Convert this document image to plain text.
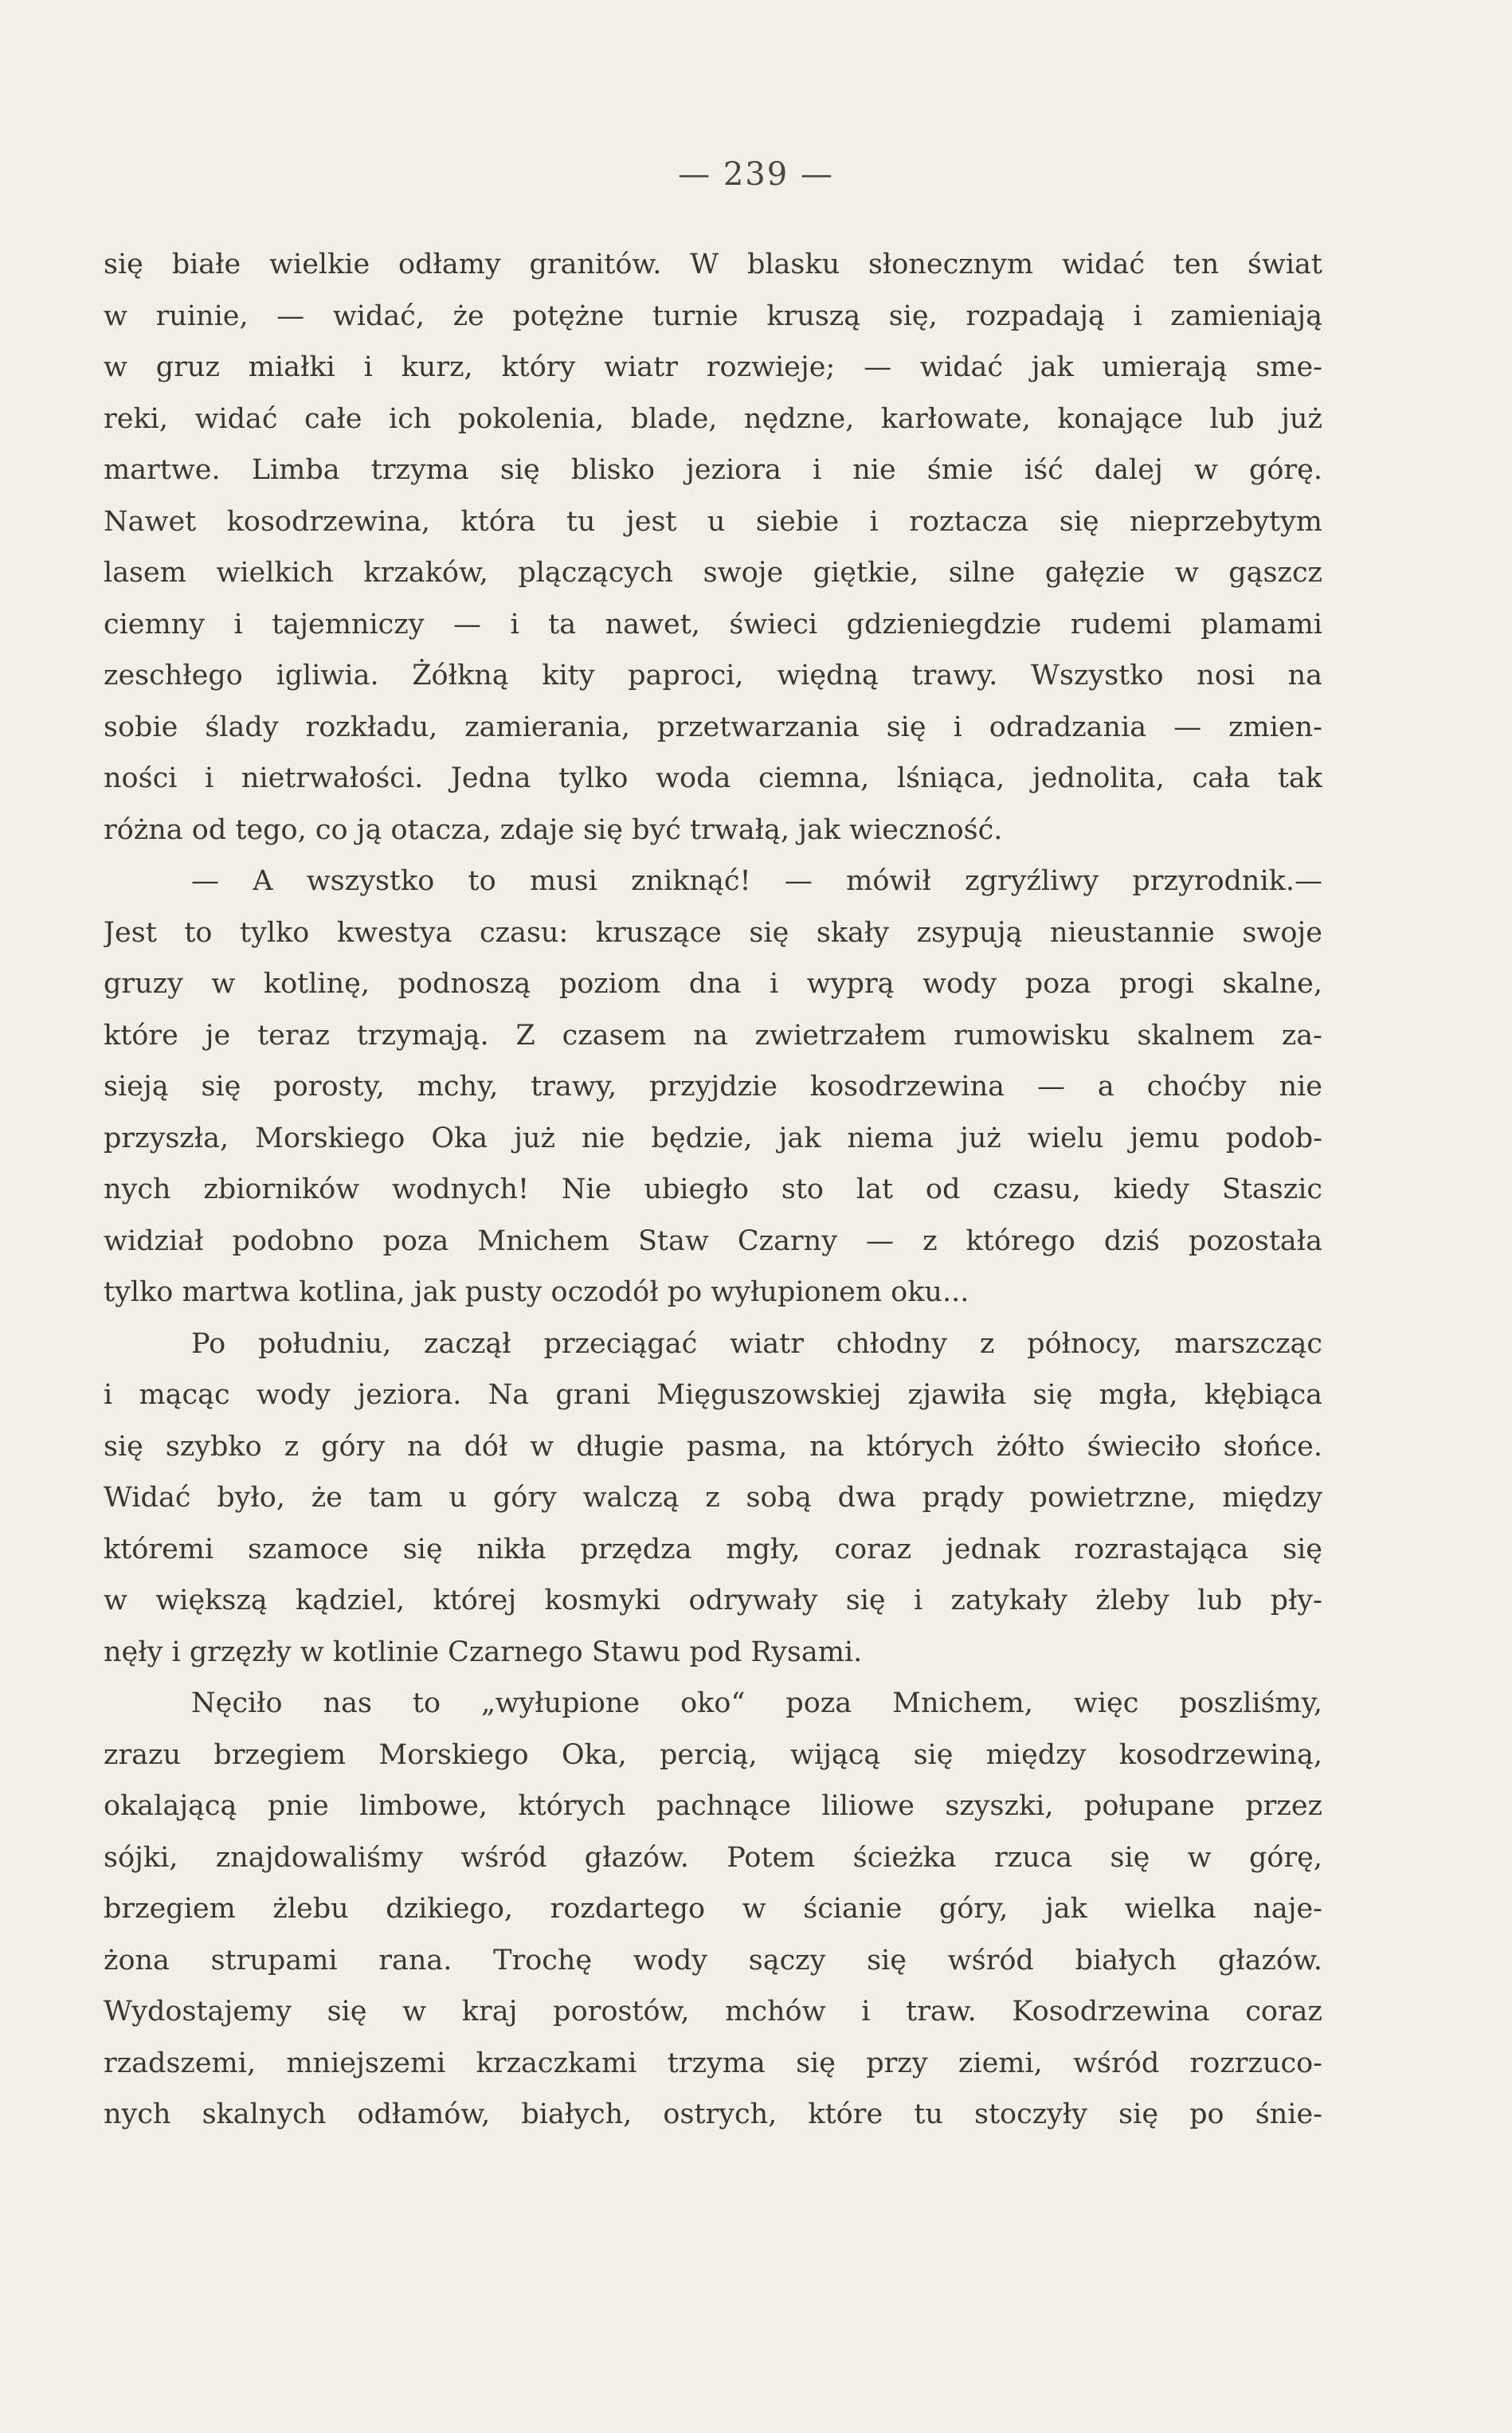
— 239 —
się białe wielkie odłamy granitów. W blasku słonecznym widać ten świat
w ruinie, — widać, że potężne turnie kruszą się, rozpadają i zamieniają
w gruz miałki i kurz, który wiatr rozwieje; — widać jak umierają sme-
reki, widać całe ich pokolenia, blade, nędzne, karłowate, konające lub już
martwe. Limba trzyma się blisko jeziora i nie śmie iść dalej w górę.
Nawet kosodrzewina, która tu jest u siebie i roztacza się nieprzebytym
lasem wielkich krzaków, plączących swoje giętkie, silne gałęzie w gąszcz
ciemny i tajemniczy — i ta nawet, świeci gdzieniegdzie rudemi plamami
zeschłego igliwia. Żółkną kity paproci, więdną trawy. Wszystko nosi na
sobie ślady rozkładu, zamierania, przetwarzania się i odradzania — zmien-
ności i nietrwałości. Jedna tylko woda ciemna, lśniąca, jednolita, cała tak
różna od tego, co ją otacza, zdaje się być trwałą, jak wieczność.
— A wszystko to musi zniknąć! — mówił zgryźliwy przyrodnik.—
Jest to tylko kwestya czasu: kruszące się skały zsypują nieustannie swoje
gruzy w kotlinę, podnoszą poziom dna i wyprą wody poza progi skalne,
które je teraz trzymają. Z czasem na zwietrzałem rumowisku skalnem za-
sieją się porosty, mchy, trawy, przyjdzie kosodrzewina — a choćby nie
przyszła, Morskiego Oka już nie będzie, jak niema już wielu jemu podob-
nych zbiorników wodnych! Nie ubiegło sto lat od czasu, kiedy Staszic
widział podobno poza Mnichem Staw Czarny — z którego dziś pozostała
tylko martwa kotlina, jak pusty oczodół po wyłupionem oku...
Po południu, zaczął przeciągać wiatr chłodny z północy, marszcząc
i mącąc wody jeziora. Na grani Mięguszowskiej zjawiła się mgła, kłębiąca
się szybko z góry na dół w długie pasma, na których żółto świeciło słońce.
Widać było, że tam u góry walczą z sobą dwa prądy powietrzne, między
któremi szamoce się nikła przędza mgły, coraz jednak rozrastająca się
w większą kądziel, której kosmyki odrywały się i zatykały żleby lub pły-
nęły i grzęzły w kotlinie Czarnego Stawu pod Rysami.
Nęciło nas to „wyłupione oko“ poza Mnichem, więc poszliśmy,
zrazu brzegiem Morskiego Oka, percią, wijącą się między kosodrzewiną,
okalającą pnie limbowe, których pachnące liliowe szyszki, połupane przez
sójki, znajdowaliśmy wśród głazów. Potem ścieżka rzuca się w górę,
brzegiem żlebu dzikiego, rozdartego w ścianie góry, jak wielka naje-
żona strupami rana. Trochę wody sączy się wśród białych głazów.
Wydostajemy się w kraj porostów, mchów i traw. Kosodrzewina coraz
rzadszemi, mniejszemi krzaczkami trzyma się przy ziemi, wśród rozrzuco-
nych skalnych odłamów, białych, ostrych, które tu stoczyły się po śnie-
